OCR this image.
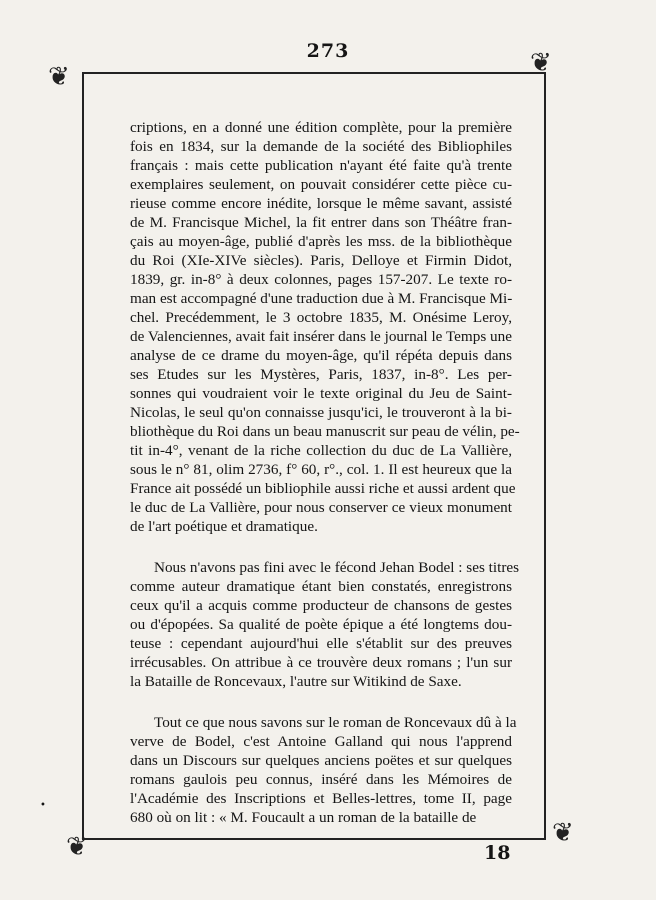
273
❦	❦
❦	❦
•
criptions, en a donné une édition complète, pour la première
fois en 1834, sur la demande de la société des Bibliophiles
français : mais cette publication n'ayant été faite qu'à trente
exemplaires seulement, on pouvait considérer cette pièce cu-
rieuse comme encore inédite, lorsque le même savant, assisté
de M. Francisque Michel, la fit entrer dans son Théâtre fran-
çais au moyen-âge, publié d'après les mss. de la bibliothèque
du Roi (XIe-XIVe siècles). Paris, Delloye et Firmin Didot,
1839, gr. in-8° à deux colonnes, pages 157-207. Le texte ro-
man est accompagné d'une traduction due à M. Francisque Mi-
chel. Precédemment, le 3 octobre 1835, M. Onésime Leroy,
de Valenciennes, avait fait insérer dans le journal le Temps une
analyse de ce drame du moyen-âge, qu'il répéta depuis dans
ses Etudes sur les Mystères, Paris, 1837, in-8°. Les per-
sonnes qui voudraient voir le texte original du Jeu de Saint-
Nicolas, le seul qu'on connaisse jusqu'ici, le trouveront à la bi-
bliothèque du Roi dans un beau manuscrit sur peau de vélin, pe-
tit in-4°, venant de la riche collection du duc de La Vallière,
sous le n° 81, olim 2736, f° 60, r°., col. 1. Il est heureux que la
France ait possédé un bibliophile aussi riche et aussi ardent que
le duc de La Vallière, pour nous conserver ce vieux monument
de l'art poétique et dramatique.
Nous n'avons pas fini avec le fécond Jehan Bodel : ses titres
comme auteur dramatique étant bien constatés, enregistrons
ceux qu'il a acquis comme producteur de chansons de gestes
ou d'épopées. Sa qualité de poète épique a été longtems dou-
teuse : cependant aujourd'hui elle s'établit sur des preuves
irrécusables. On attribue à ce trouvère deux romans ; l'un sur
la Bataille de Roncevaux, l'autre sur Witikind de Saxe.
Tout ce que nous savons sur le roman de Roncevaux dû à la
verve de Bodel, c'est Antoine Galland qui nous l'apprend
dans un Discours sur quelques anciens poëtes et sur quelques
romans gaulois peu connus, inséré dans les Mémoires de
l'Académie des Inscriptions et Belles-lettres, tome II, page
680 où on lit : « M. Foucault a un roman de la bataille de
18
